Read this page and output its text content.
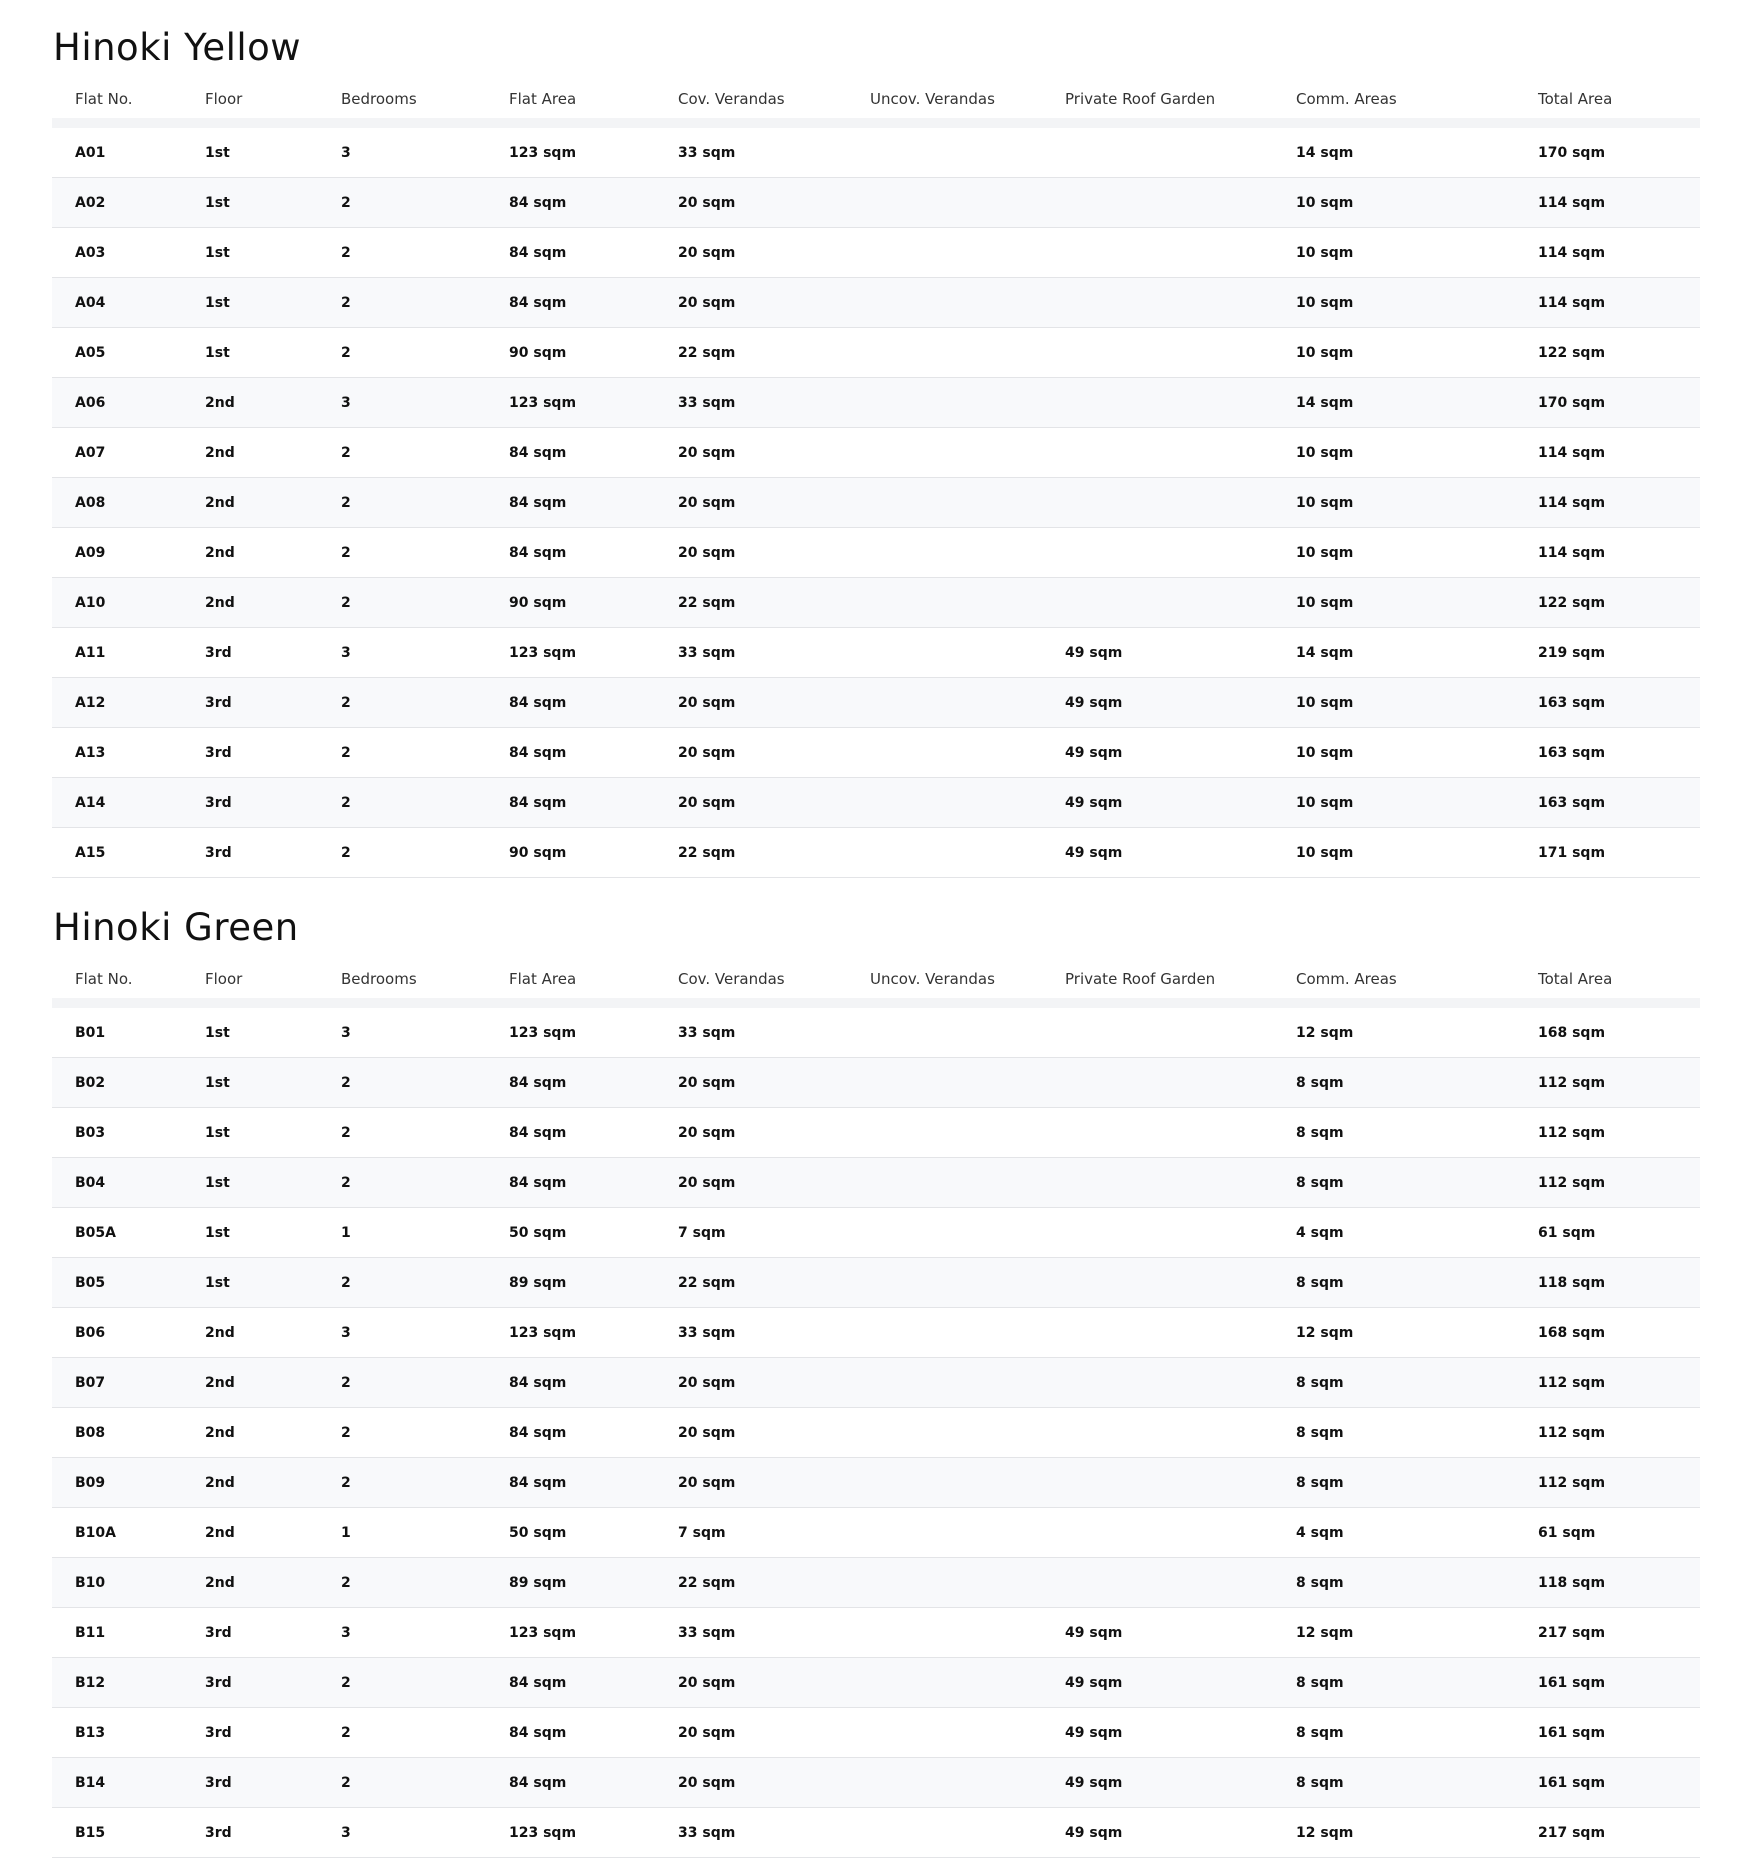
Hinoki Yellow
Flat No.	Floor	Bedrooms	Flat Area	Cov. Verandas	Uncov. Verandas	Private Roof Garden	Comm. Areas	Total Area
A01	1st	3	123 sqm	33 sqm			14 sqm	170 sqm
A02	1st	2	84 sqm	20 sqm			10 sqm	114 sqm
A03	1st	2	84 sqm	20 sqm			10 sqm	114 sqm
A04	1st	2	84 sqm	20 sqm			10 sqm	114 sqm
A05	1st	2	90 sqm	22 sqm			10 sqm	122 sqm
A06	2nd	3	123 sqm	33 sqm			14 sqm	170 sqm
A07	2nd	2	84 sqm	20 sqm			10 sqm	114 sqm
A08	2nd	2	84 sqm	20 sqm			10 sqm	114 sqm
A09	2nd	2	84 sqm	20 sqm			10 sqm	114 sqm
A10	2nd	2	90 sqm	22 sqm			10 sqm	122 sqm
A11	3rd	3	123 sqm	33 sqm		49 sqm	14 sqm	219 sqm
A12	3rd	2	84 sqm	20 sqm		49 sqm	10 sqm	163 sqm
A13	3rd	2	84 sqm	20 sqm		49 sqm	10 sqm	163 sqm
A14	3rd	2	84 sqm	20 sqm		49 sqm	10 sqm	163 sqm
A15	3rd	2	90 sqm	22 sqm		49 sqm	10 sqm	171 sqm
Hinoki Green
Flat No.	Floor	Bedrooms	Flat Area	Cov. Verandas	Uncov. Verandas	Private Roof Garden	Comm. Areas	Total Area
B01	1st	3	123 sqm	33 sqm			12 sqm	168 sqm
B02	1st	2	84 sqm	20 sqm			8 sqm	112 sqm
B03	1st	2	84 sqm	20 sqm			8 sqm	112 sqm
B04	1st	2	84 sqm	20 sqm			8 sqm	112 sqm
B05A	1st	1	50 sqm	7 sqm			4 sqm	61 sqm
B05	1st	2	89 sqm	22 sqm			8 sqm	118 sqm
B06	2nd	3	123 sqm	33 sqm			12 sqm	168 sqm
B07	2nd	2	84 sqm	20 sqm			8 sqm	112 sqm
B08	2nd	2	84 sqm	20 sqm			8 sqm	112 sqm
B09	2nd	2	84 sqm	20 sqm			8 sqm	112 sqm
B10A	2nd	1	50 sqm	7 sqm			4 sqm	61 sqm
B10	2nd	2	89 sqm	22 sqm			8 sqm	118 sqm
B11	3rd	3	123 sqm	33 sqm		49 sqm	12 sqm	217 sqm
B12	3rd	2	84 sqm	20 sqm		49 sqm	8 sqm	161 sqm
B13	3rd	2	84 sqm	20 sqm		49 sqm	8 sqm	161 sqm
B14	3rd	2	84 sqm	20 sqm		49 sqm	8 sqm	161 sqm
B15	3rd	3	123 sqm	33 sqm		49 sqm	12 sqm	217 sqm
